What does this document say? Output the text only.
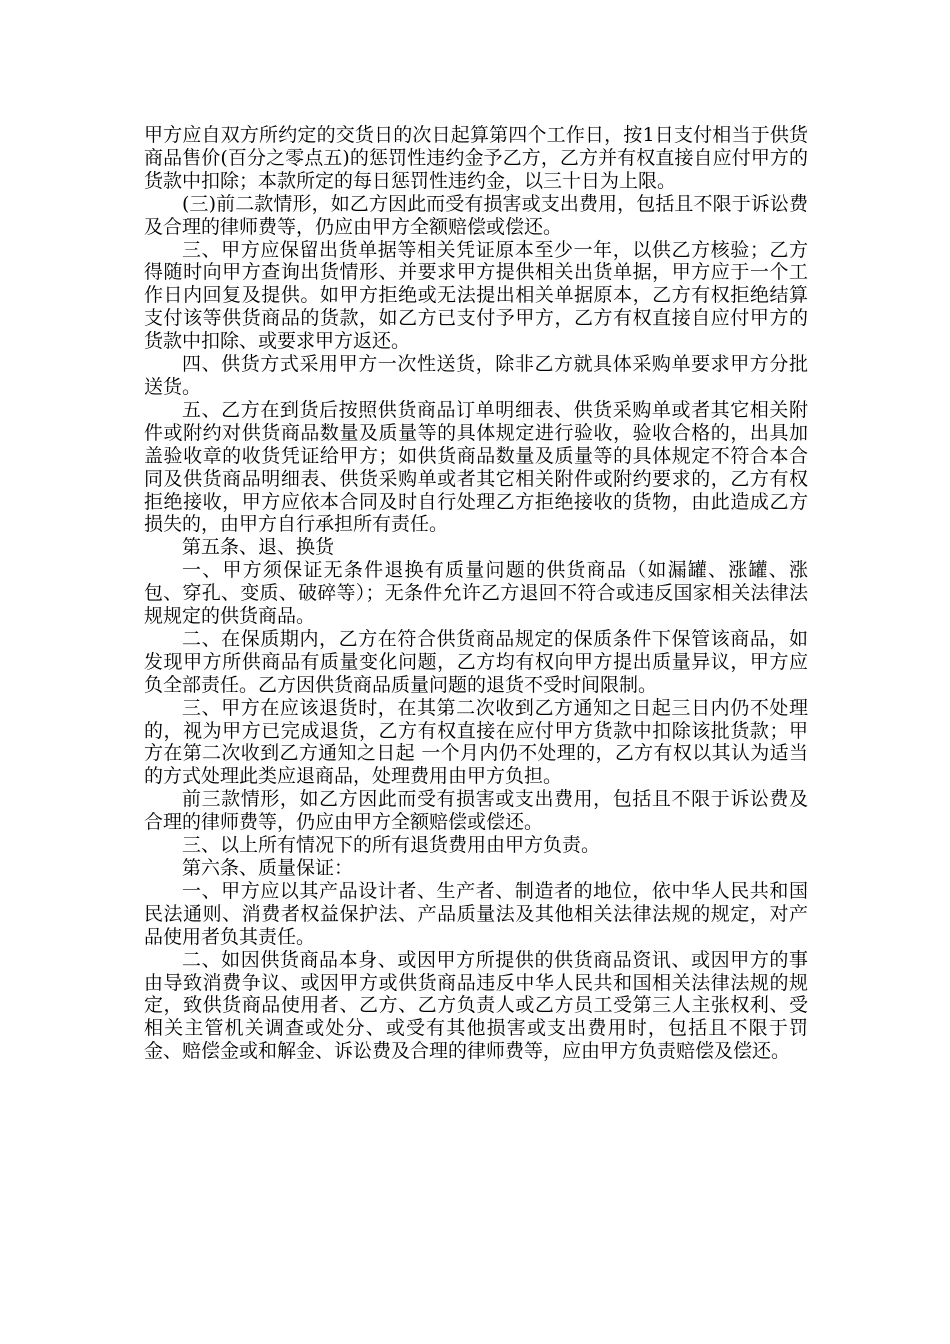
甲方应自双方所约定的交货日的次日起算第四个工作日，按1日支付相当于供货商品售价(百分之零点五)的惩罚性违约金予乙方，乙方并有权直接自应付甲方的货款中扣除；本款所定的每日惩罚性违约金，以三十日为上限。

(三)前二款情形，如乙方因此而受有损害或支出费用，包括且不限于诉讼费及合理的律师费等，仍应由甲方全额赔偿或偿还。

三、甲方应保留出货单据等相关凭证原本至少一年，以供乙方核验；乙方得随时向甲方查询出货情形、并要求甲方提供相关出货单据，甲方应于一个工作日内回复及提供。如甲方拒绝或无法提出相关单据原本，乙方有权拒绝结算支付该等供货商品的货款，如乙方已支付予甲方，乙方有权直接自应付甲方的货款中扣除、或要求甲方返还。

四、供货方式采用甲方一次性送货，除非乙方就具体采购单要求甲方分批送货。

五、乙方在到货后按照供货商品订单明细表、供货采购单或者其它相关附件或附约对供货商品数量及质量等的具体规定进行验收，验收合格的，出具加盖验收章的收货凭证给甲方；如供货商品数量及质量等的具体规定不符合本合同及供货商品明细表、供货采购单或者其它相关附件或附约要求的，乙方有权拒绝接收，甲方应依本合同及时自行处理乙方拒绝接收的货物，由此造成乙方损失的，由甲方自行承担所有责任。

第五条、退、换货

一、甲方须保证无条件退换有质量问题的供货商品（如漏罐、涨罐、涨包、穿孔、变质、破碎等）；无条件允许乙方退回不符合或违反国家相关法律法规规定的供货商品。

二、在保质期内，乙方在符合供货商品规定的保质条件下保管该商品，如发现甲方所供商品有质量变化问题，乙方均有权向甲方提出质量异议，甲方应负全部责任。乙方因供货商品质量问题的退货不受时间限制。

三、甲方在应该退货时，在其第二次收到乙方通知之日起三日内仍不处理的，视为甲方已完成退货，乙方有权直接在应付甲方货款中扣除该批货款；甲方在第二次收到乙方通知之日起 一个月内仍不处理的，乙方有权以其认为适当的方式处理此类应退商品，处理费用由甲方负担。

前三款情形，如乙方因此而受有损害或支出费用，包括且不限于诉讼费及合理的律师费等，仍应由甲方全额赔偿或偿还。

三、以上所有情况下的所有退货费用由甲方负责。

第六条、质量保证：

一、甲方应以其产品设计者、生产者、制造者的地位，依中华人民共和国民法通则、消费者权益保护法、产品质量法及其他相关法律法规的规定，对产品使用者负其责任。

二、如因供货商品本身、或因甲方所提供的供货商品资讯、或因甲方的事由导致消费争议、或因甲方或供货商品违反中华人民共和国相关法律法规的规定，致供货商品使用者、乙方、乙方负责人或乙方员工受第三人主张权利、受相关主管机关调查或处分、或受有其他损害或支出费用时，包括且不限于罚金、赔偿金或和解金、诉讼费及合理的律师费等，应由甲方负责赔偿及偿还。
